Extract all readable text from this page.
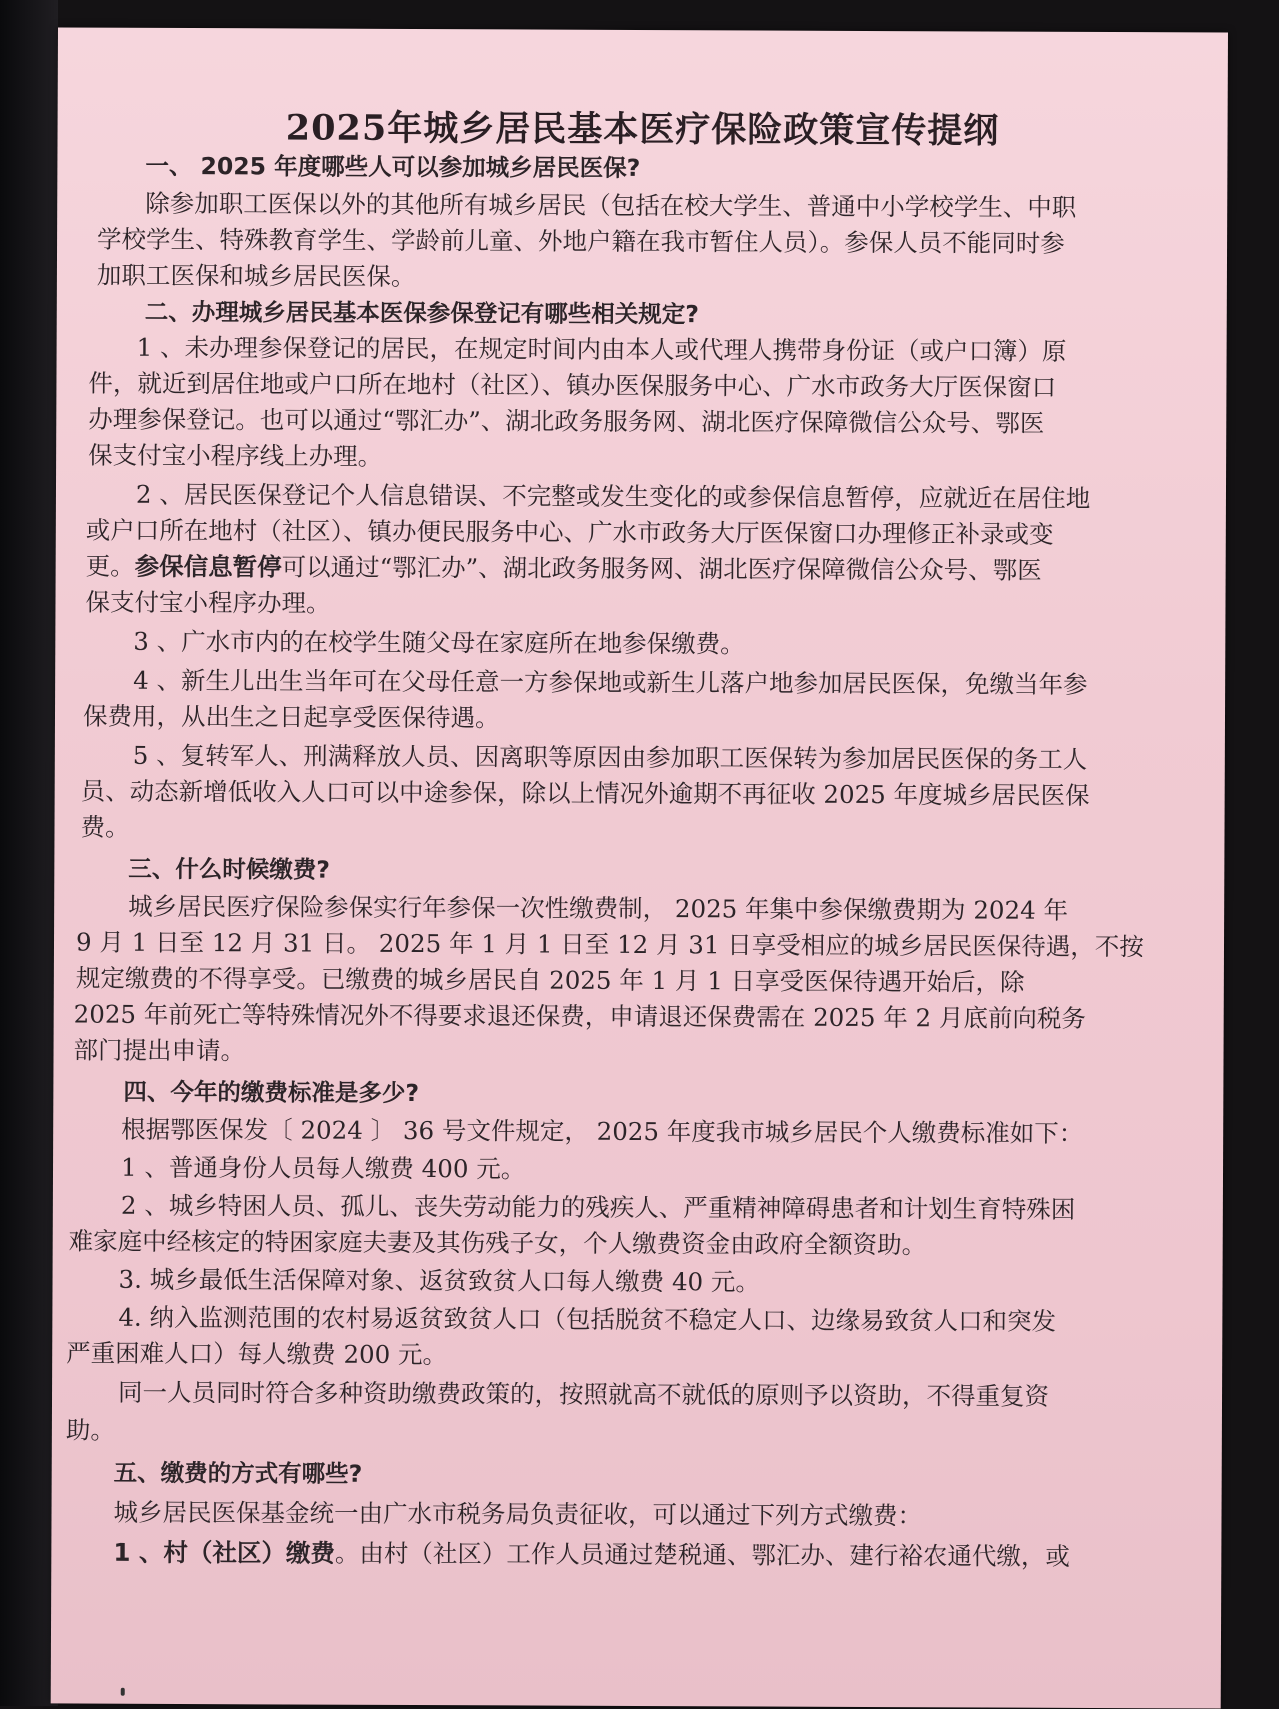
2025年城乡居民基本医疗保险政策宣传提纲
一、 2025 年度哪些人可以参加城乡居民医保?
除参加职工医保以外的其他所有城乡居民（包括在校大学生、普通中小学校学生、中职
学校学生、特殊教育学生、学龄前儿童、外地户籍在我市暂住人员）。参保人员不能同时参
加职工医保和城乡居民医保。
二、办理城乡居民基本医保参保登记有哪些相关规定?
1 、未办理参保登记的居民，在规定时间内由本人或代理人携带身份证（或户口簿）原
件，就近到居住地或户口所在地村（社区）、镇办医保服务中心、广水市政务大厅医保窗口
办理参保登记。也可以通过“鄂汇办”、湖北政务服务网、湖北医疗保障微信公众号、鄂医
保支付宝小程序线上办理。
2 、居民医保登记个人信息错误、不完整或发生变化的或参保信息暂停，应就近在居住地
或户口所在地村（社区）、镇办便民服务中心、广水市政务大厅医保窗口办理修正补录或变
更。参保信息暂停可以通过“鄂汇办”、湖北政务服务网、湖北医疗保障微信公众号、鄂医
保支付宝小程序办理。
3 、广水市内的在校学生随父母在家庭所在地参保缴费。
4 、新生儿出生当年可在父母任意一方参保地或新生儿落户地参加居民医保，免缴当年参
保费用，从出生之日起享受医保待遇。
5 、复转军人、刑满释放人员、因离职等原因由参加职工医保转为参加居民医保的务工人
员、动态新增低收入人口可以中途参保，除以上情况外逾期不再征收 2025 年度城乡居民医保
费。
三、什么时候缴费?
城乡居民医疗保险参保实行年参保一次性缴费制， 2025 年集中参保缴费期为 2024 年
9 月 1 日至 12 月 31 日。 2025 年 1 月 1 日至 12 月 31 日享受相应的城乡居民医保待遇，不按
规定缴费的不得享受。已缴费的城乡居民自 2025 年 1 月 1 日享受医保待遇开始后，除
2025 年前死亡等特殊情况外不得要求退还保费，申请退还保费需在 2025 年 2 月底前向税务
部门提出申请。
四、今年的缴费标准是多少?
根据鄂医保发〔 2024 〕 36 号文件规定， 2025 年度我市城乡居民个人缴费标准如下：
1 、普通身份人员每人缴费 400 元。
2 、城乡特困人员、孤儿、丧失劳动能力的残疾人、严重精神障碍患者和计划生育特殊困
难家庭中经核定的特困家庭夫妻及其伤残子女，个人缴费资金由政府全额资助。
3. 城乡最低生活保障对象、返贫致贫人口每人缴费 40 元。
4. 纳入监测范围的农村易返贫致贫人口（包括脱贫不稳定人口、边缘易致贫人口和突发
严重困难人口）每人缴费 200 元。
同一人员同时符合多种资助缴费政策的，按照就高不就低的原则予以资助，不得重复资
助。
五、缴费的方式有哪些?
城乡居民医保基金统一由广水市税务局负责征收，可以通过下列方式缴费：
1 、村（社区）缴费。由村（社区）工作人员通过楚税通、鄂汇办、建行裕农通代缴，或
